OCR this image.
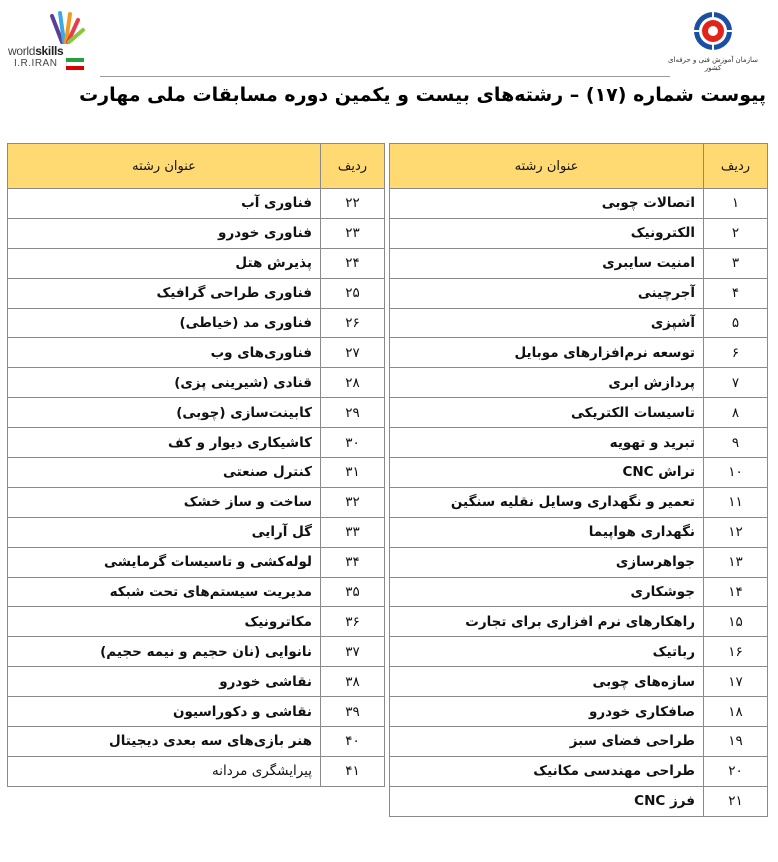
worldskills
I.R.IRAN	سازمان آموزش فنی و حرفه‌ای کشور
پیوست شماره (۱۷) – رشته‌های بیست و یکمین دوره مسابقات ملی مهارت
ردیف	عنوان رشته
۱	اتصالات چوبی
۲	الکترونیک
۳	امنیت سایبری
۴	آجرچینی
۵	آشپزی
۶	توسعه نرم‌افزارهای موبایل
۷	پردازش ابری
۸	تاسیسات الکتریکی
۹	تبرید و تهویه
۱۰	تراش CNC
۱۱	تعمیر و نگهداری وسایل نقلیه سنگین
۱۲	نگهداری هواپیما
۱۳	جواهرسازی
۱۴	جوشکاری
۱۵	راهکارهای نرم افزاری برای تجارت
۱۶	رباتیک
۱۷	سازه‌های چوبی
۱۸	صافکاری خودرو
۱۹	طراحی فضای سبز
۲۰	طراحی مهندسی مکانیک
۲۱	فرز CNC
ردیف	عنوان رشته
۲۲	فناوری آب
۲۳	فناوری خودرو
۲۴	پذیرش هتل
۲۵	فناوری طراحی گرافیک
۲۶	فناوری مد (خیاطی)
۲۷	فناوری‌های وب
۲۸	قنادی (شیرینی پزی)
۲۹	کابینت‌سازی (چوبی)
۳۰	کاشیکاری دیوار و کف
۳۱	کنترل صنعتی
۳۲	ساخت و ساز خشک
۳۳	گل آرایی
۳۴	لوله‌کشی و تاسیسات گرمایشی
۳۵	مدیریت سیستم‌های تحت شبکه
۳۶	مکاترونیک
۳۷	نانوایی (نان حجیم و نیمه حجیم)
۳۸	نقاشی خودرو
۳۹	نقاشی و دکوراسیون
۴۰	هنر بازی‌های سه بعدی دیجیتال
۴۱	پیرایشگری مردانه
